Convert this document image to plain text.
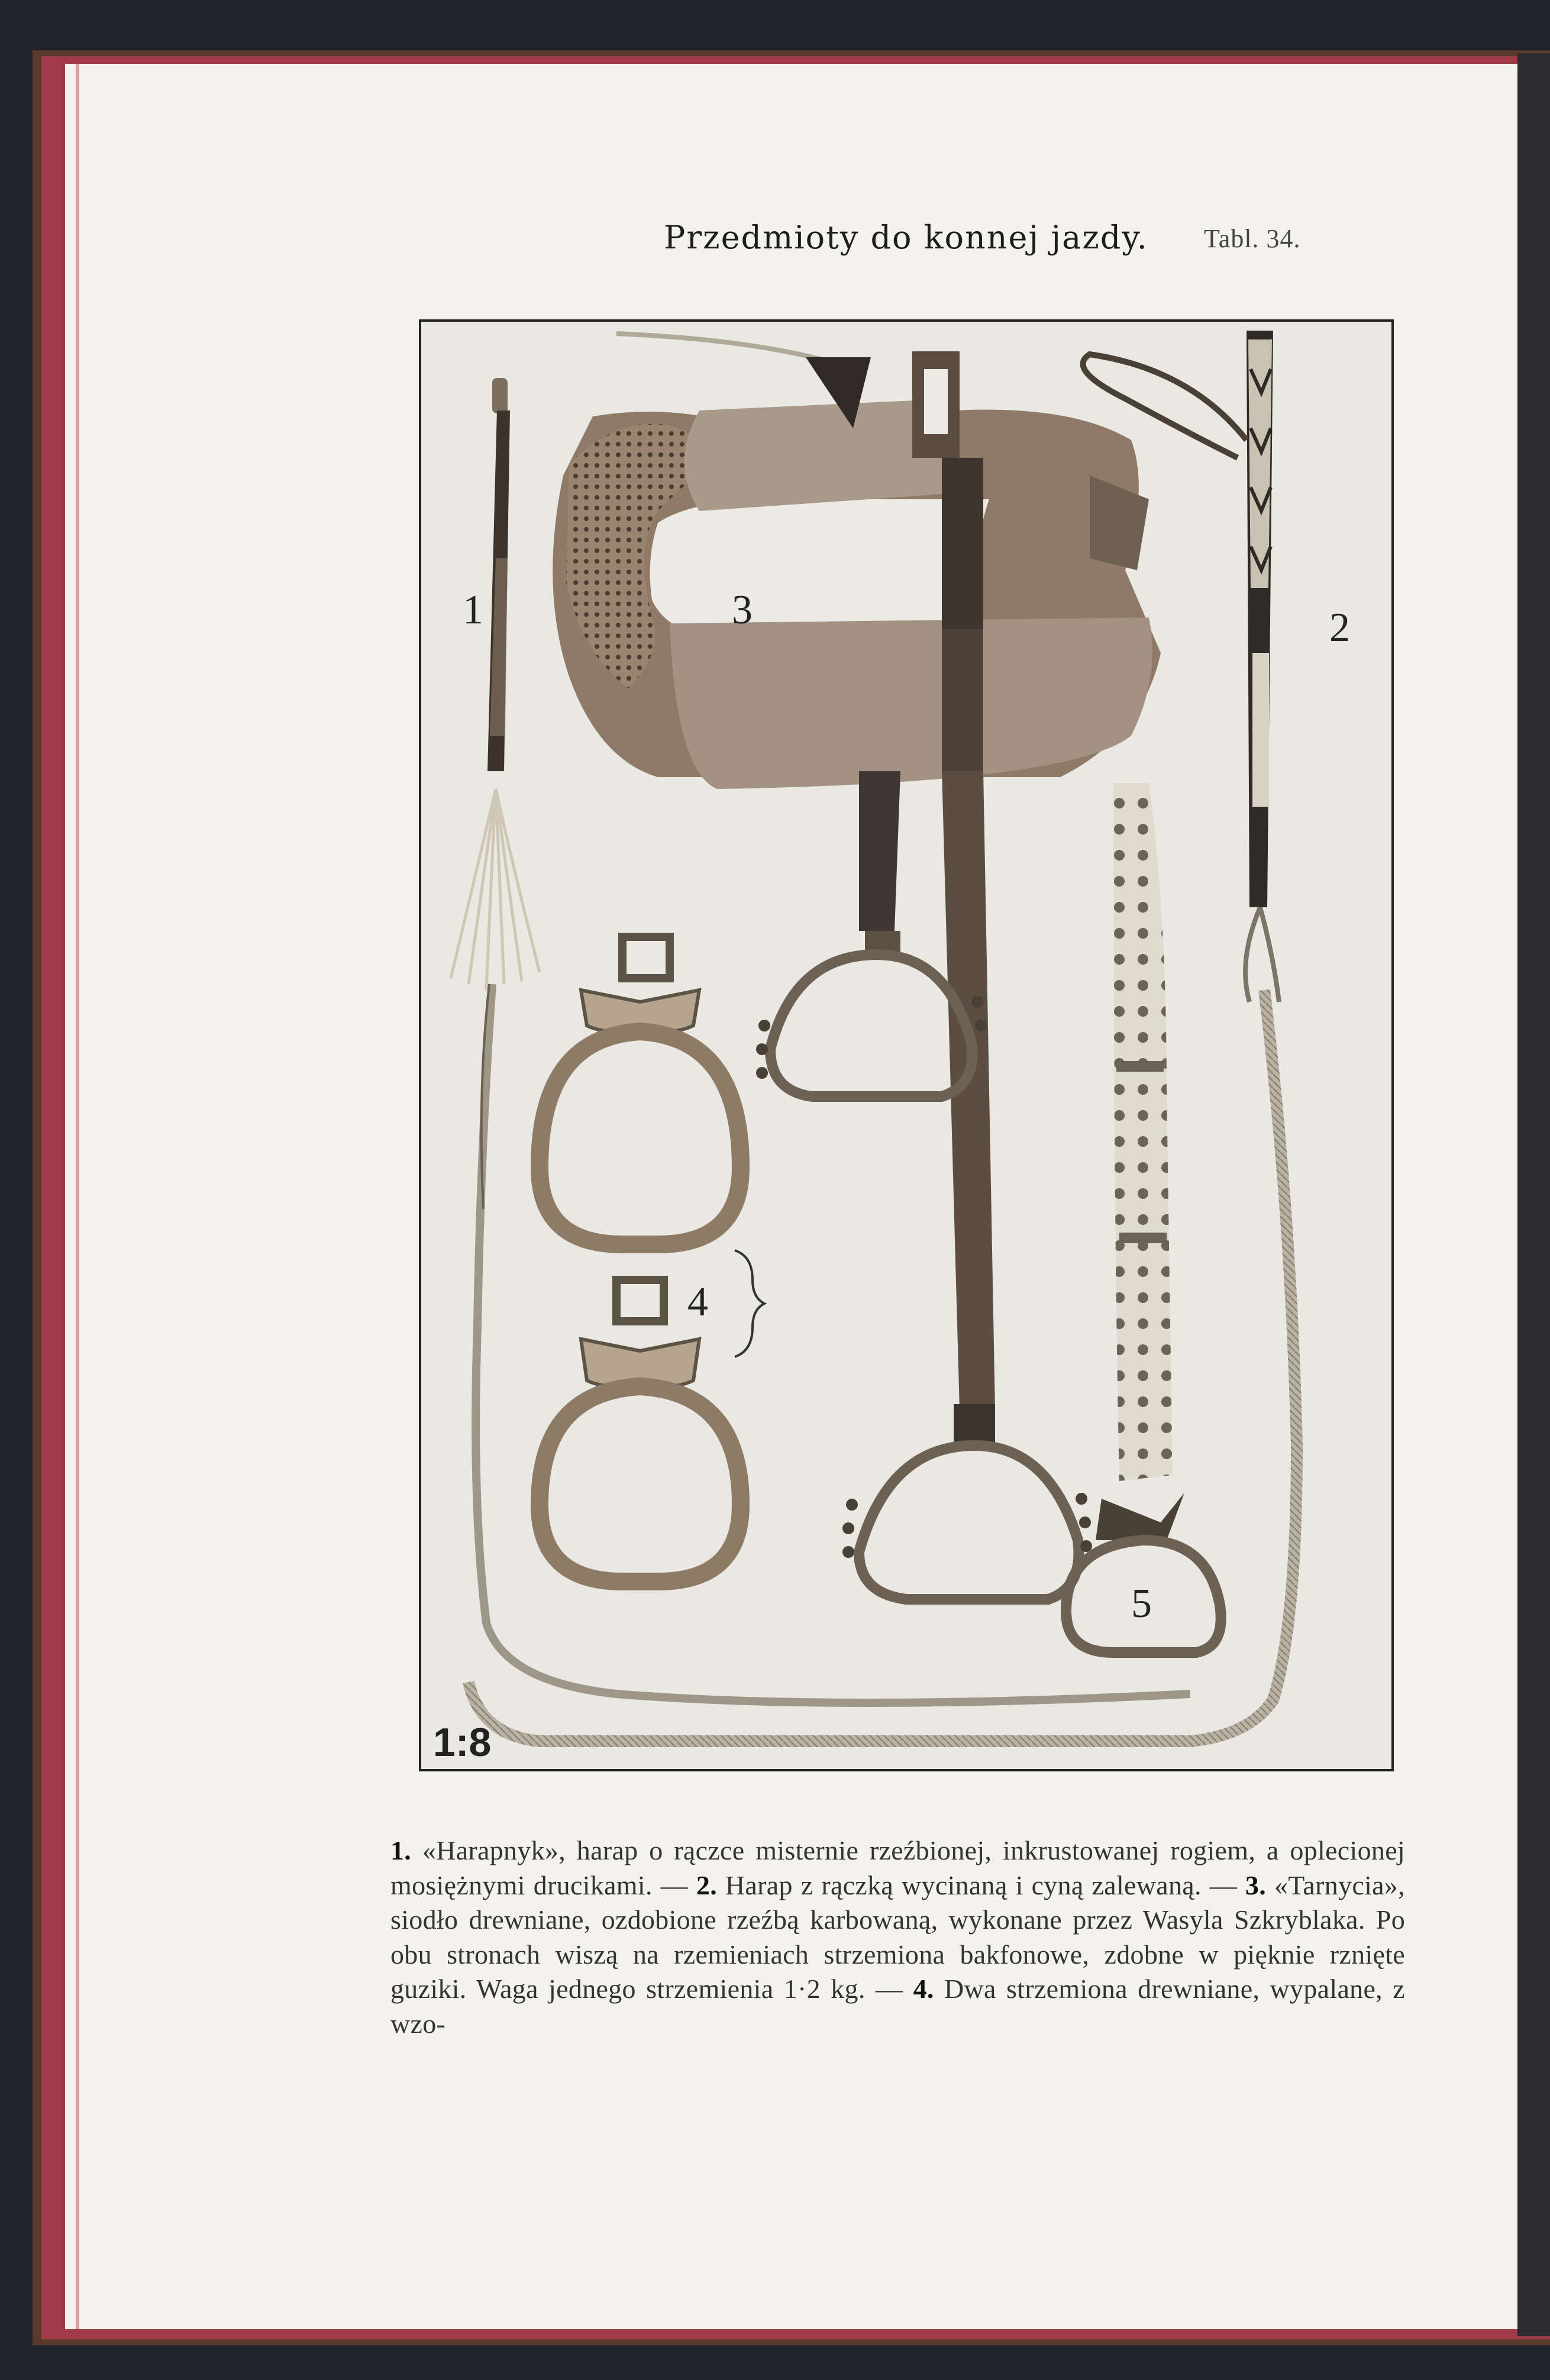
Przedmioty do konnej jazdy. Tabl. 34.
1	2
3
4
5
1:8
1. «Harapnyk», harap o rączce misternie rzeźbionej, inkrustowanej rogiem, a oplecionej mosiężnymi drucikami. — 2. Harap z rączką wycinaną i cyną zalewaną. — 3. «Tarnycia», siodło drewniane, ozdobione rzeźbą karbowaną, wykonane przez Wasyla Szkryblaka. Po obu stronach wiszą na rzemieniach strzemiona bakfonowe, zdobne w pięknie rznięte guziki. Waga jednego strzemienia 1·2 kg. — 4. Dwa strzemiona drewniane, wypalane, z wzo-
